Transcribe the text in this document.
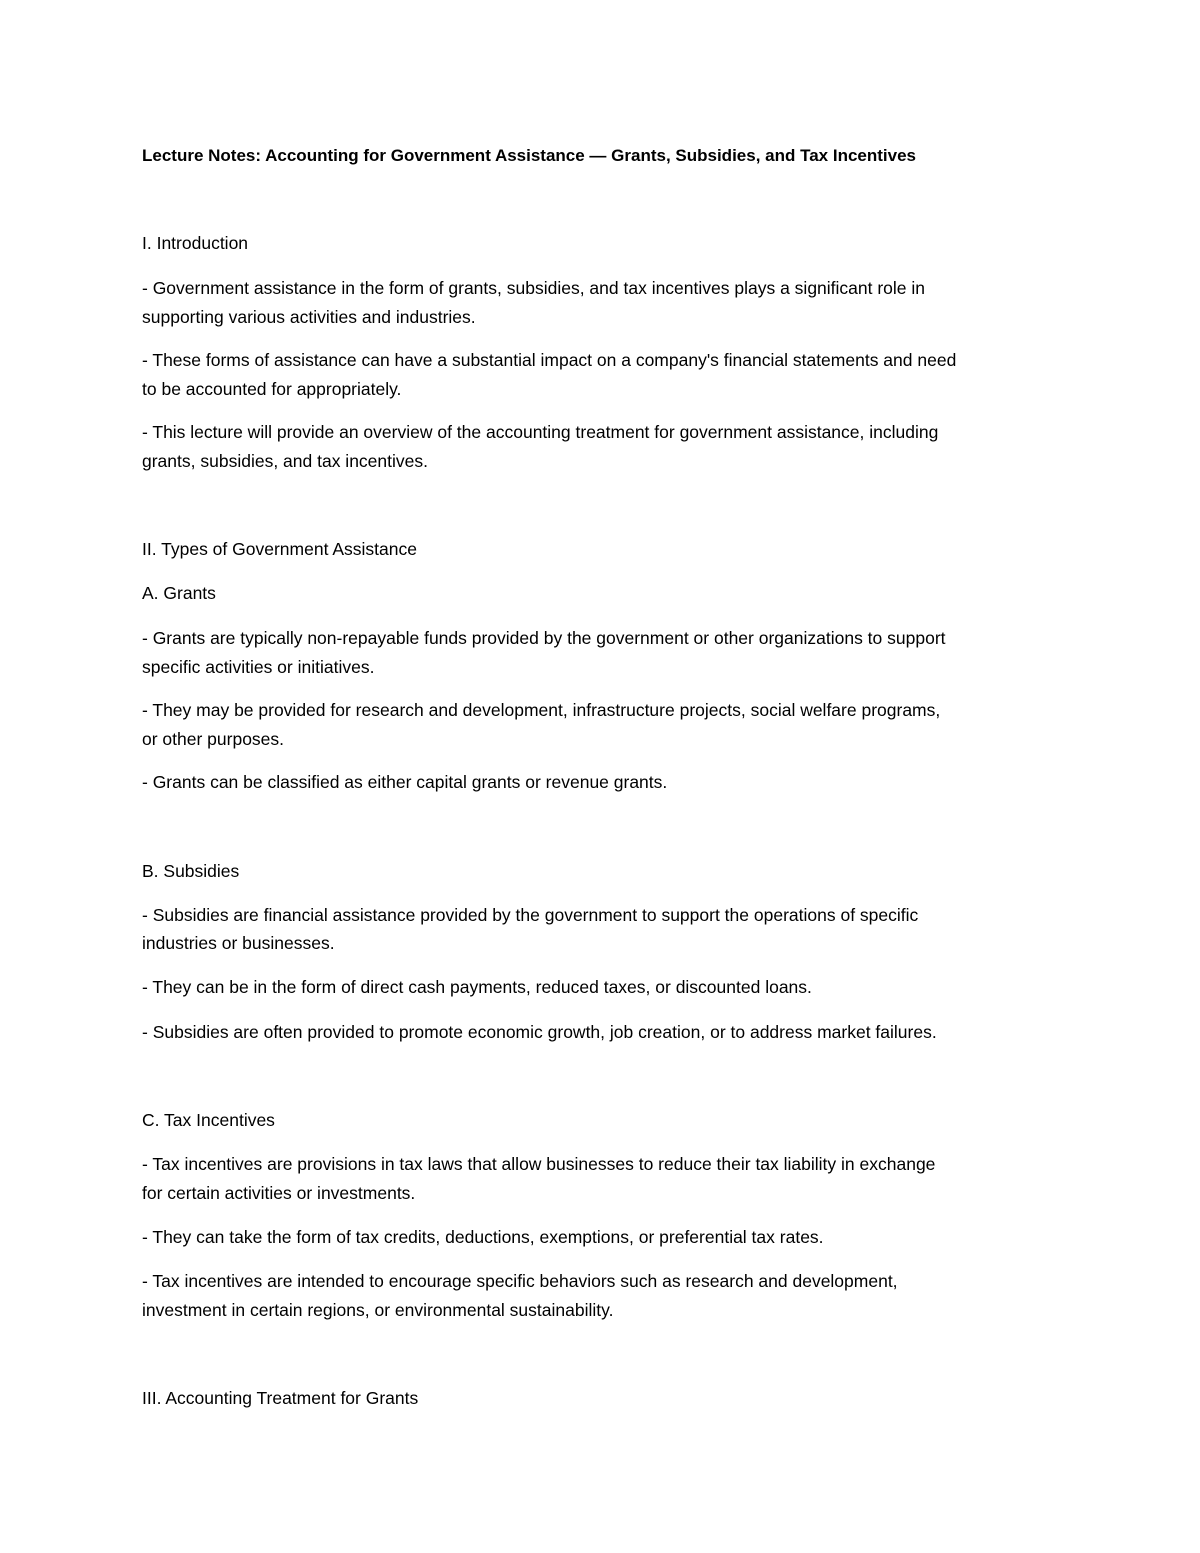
Lecture Notes: Accounting for Government Assistance — Grants, Subsidies, and Tax Incentives
I. Introduction
- Government assistance in the form of grants, subsidies, and tax incentives plays a significant role in
supporting various activities and industries.
- These forms of assistance can have a substantial impact on a company's financial statements and need
to be accounted for appropriately.
- This lecture will provide an overview of the accounting treatment for government assistance, including
grants, subsidies, and tax incentives.
II. Types of Government Assistance
A. Grants
- Grants are typically non-repayable funds provided by the government or other organizations to support
specific activities or initiatives.
- They may be provided for research and development, infrastructure projects, social welfare programs,
or other purposes.
- Grants can be classified as either capital grants or revenue grants.
B. Subsidies
- Subsidies are financial assistance provided by the government to support the operations of specific
industries or businesses.
- They can be in the form of direct cash payments, reduced taxes, or discounted loans.
- Subsidies are often provided to promote economic growth, job creation, or to address market failures.
C. Tax Incentives
- Tax incentives are provisions in tax laws that allow businesses to reduce their tax liability in exchange
for certain activities or investments.
- They can take the form of tax credits, deductions, exemptions, or preferential tax rates.
- Tax incentives are intended to encourage specific behaviors such as research and development,
investment in certain regions, or environmental sustainability.
III. Accounting Treatment for Grants
